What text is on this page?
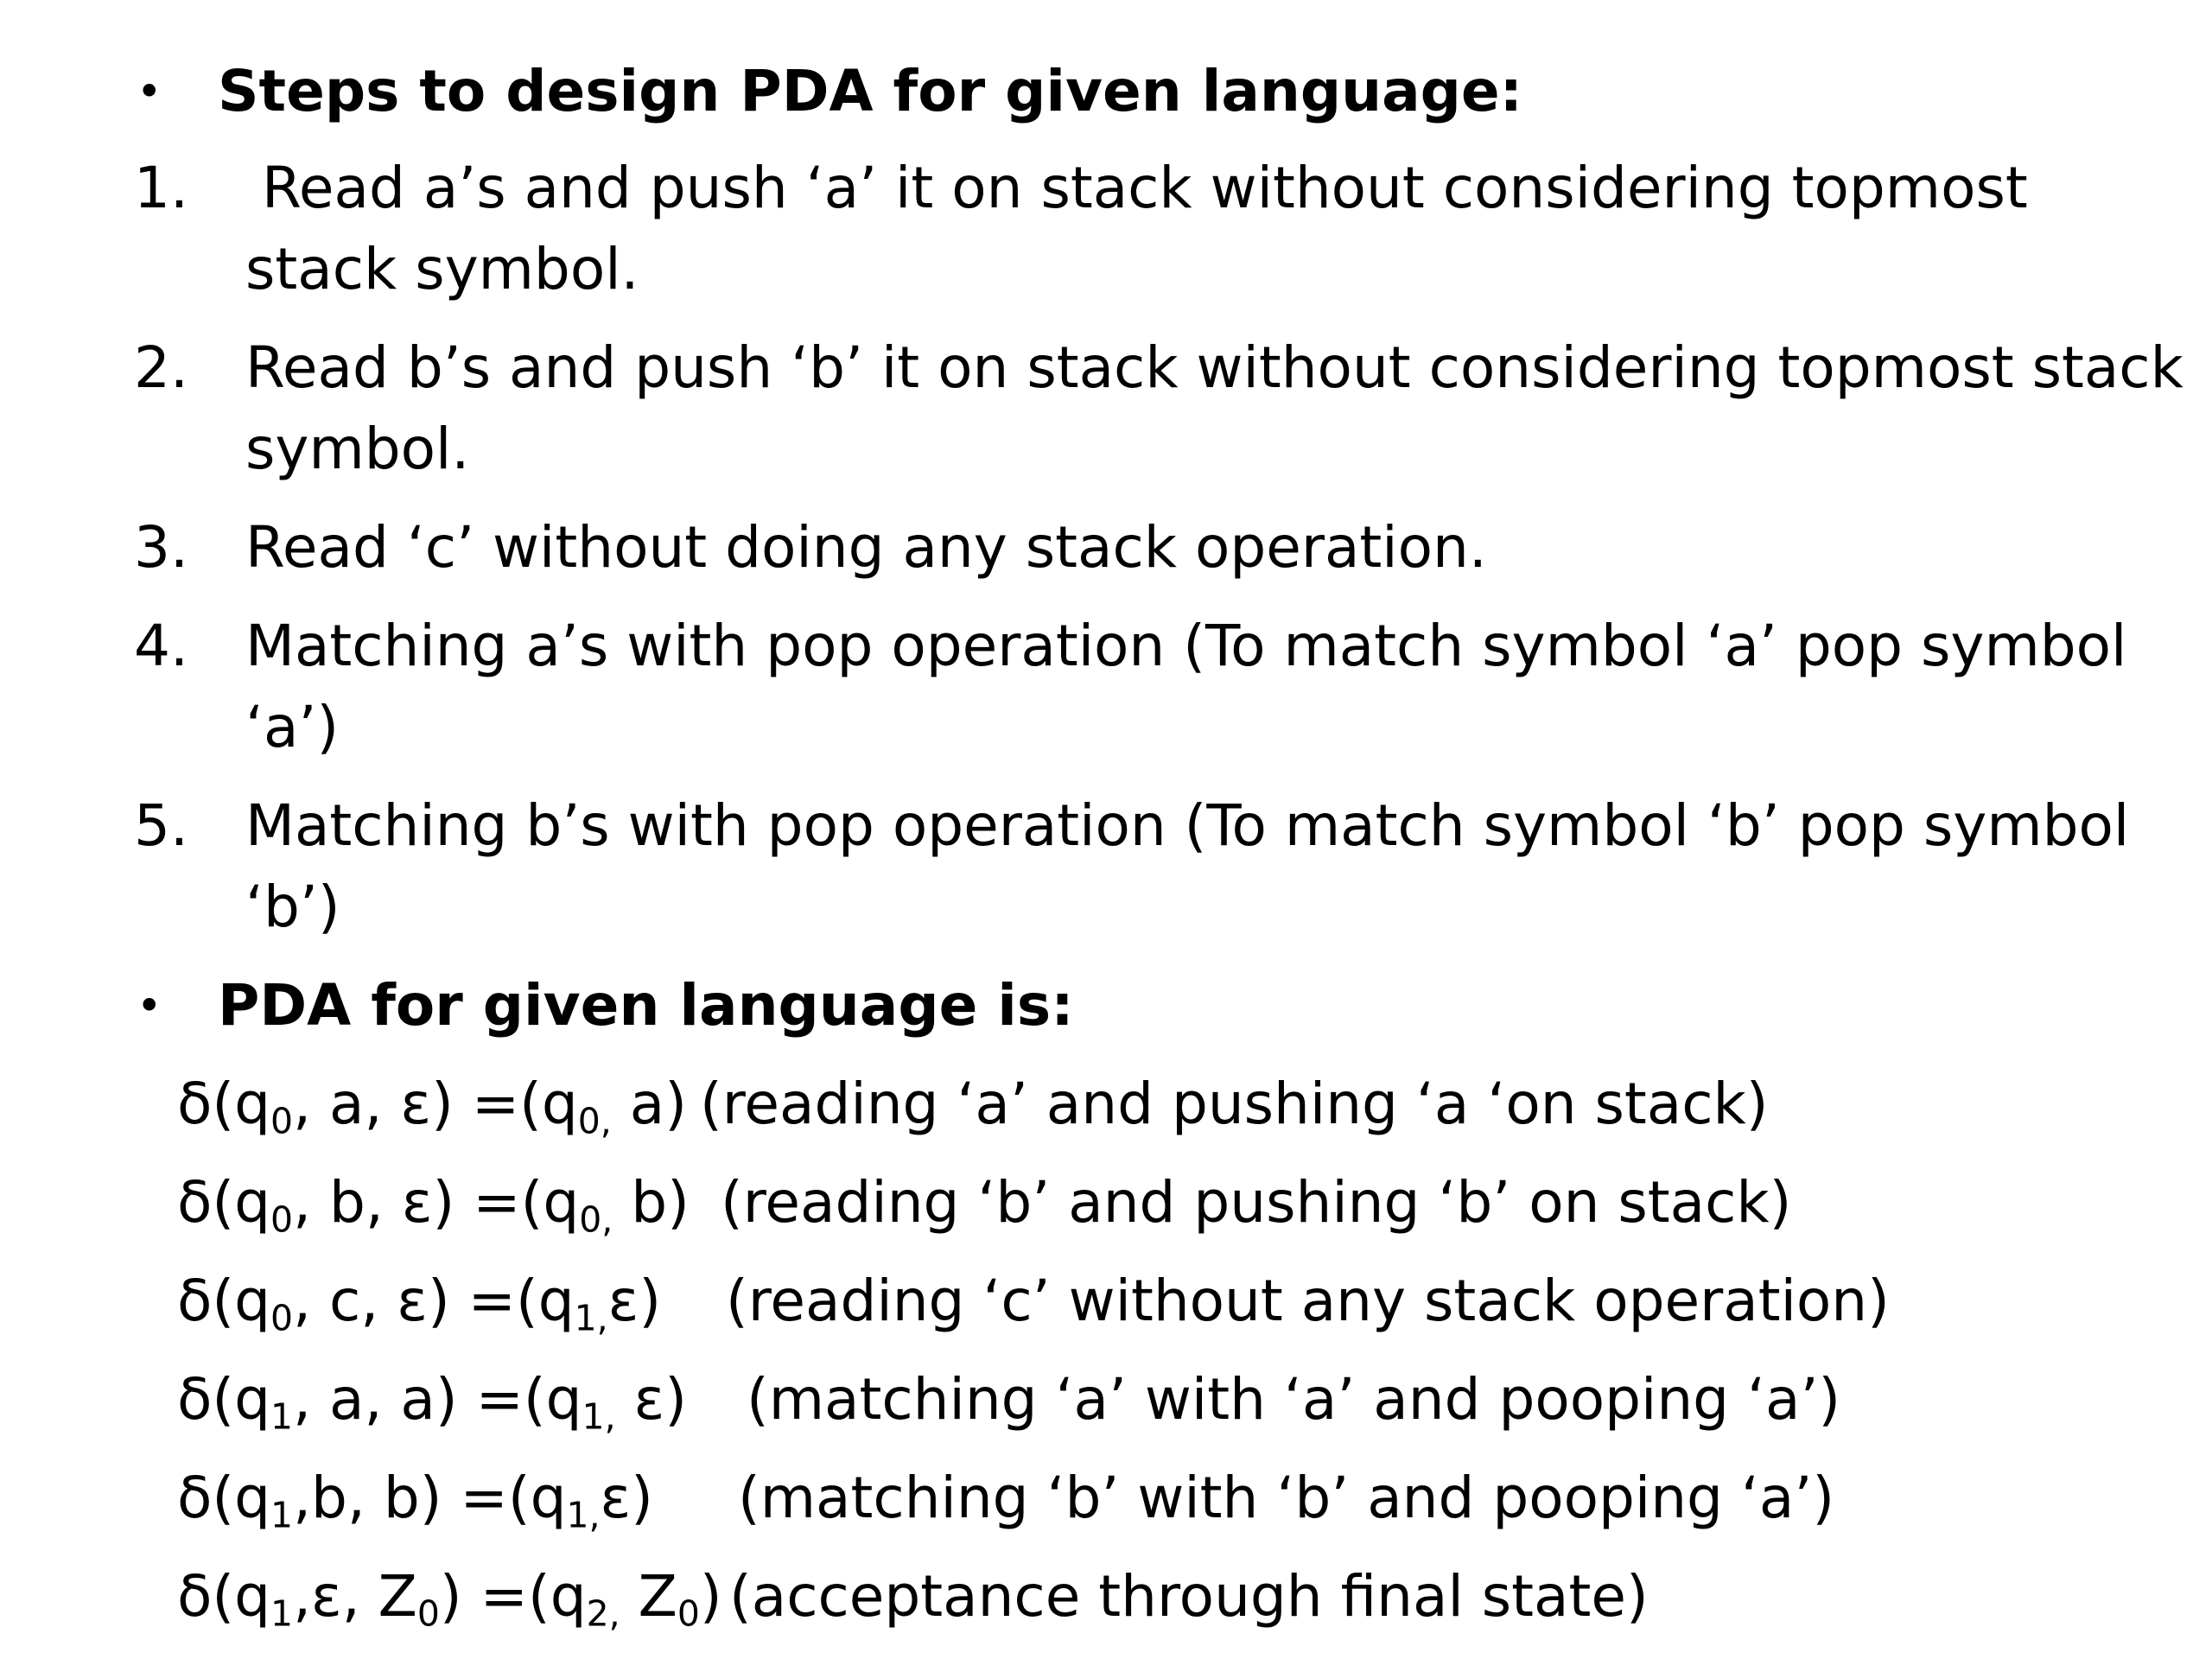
• Steps to design PDA for given language:
1. Read a’s and push ‘a’ it on stack without considering topmost
stack symbol.
2. Read b’s and push ‘b’ it on stack without considering topmost stack
symbol.
3. Read ‘c’ without doing any stack operation.
4. Matching a’s with pop operation (To match symbol ‘a’ pop symbol
‘a’)
5. Matching b’s with pop operation (To match symbol ‘b’ pop symbol
‘b’)
• PDA for given language is:
$\delta(q_0$, a, $\varepsilon) =(q_{0,}$ a) (reading ‘a’ and pushing ‘a ‘on stack)
$\delta(q_0$, b, $\varepsilon) =(q_{0,}$ b) (reading ‘b’ and pushing ‘b’ on stack)
$\delta(q_0$, c, $\varepsilon) =(q_{1,}\varepsilon)$ (reading ‘c’ without any stack operation)
$\delta(q_1$, a, $a) =(q_{1,}$ ε) (matching ‘a’ with ‘a’ and pooping ‘a’)
$\delta(q_1,b$, $b) =(q_{1,}\varepsilon)$ (matching ‘b’ with ‘b’ and pooping ‘a’)
$\delta(q_1,\varepsilon$, $Z_0) =(q_{2,}$ $Z_0$) (acceptance through final state)
